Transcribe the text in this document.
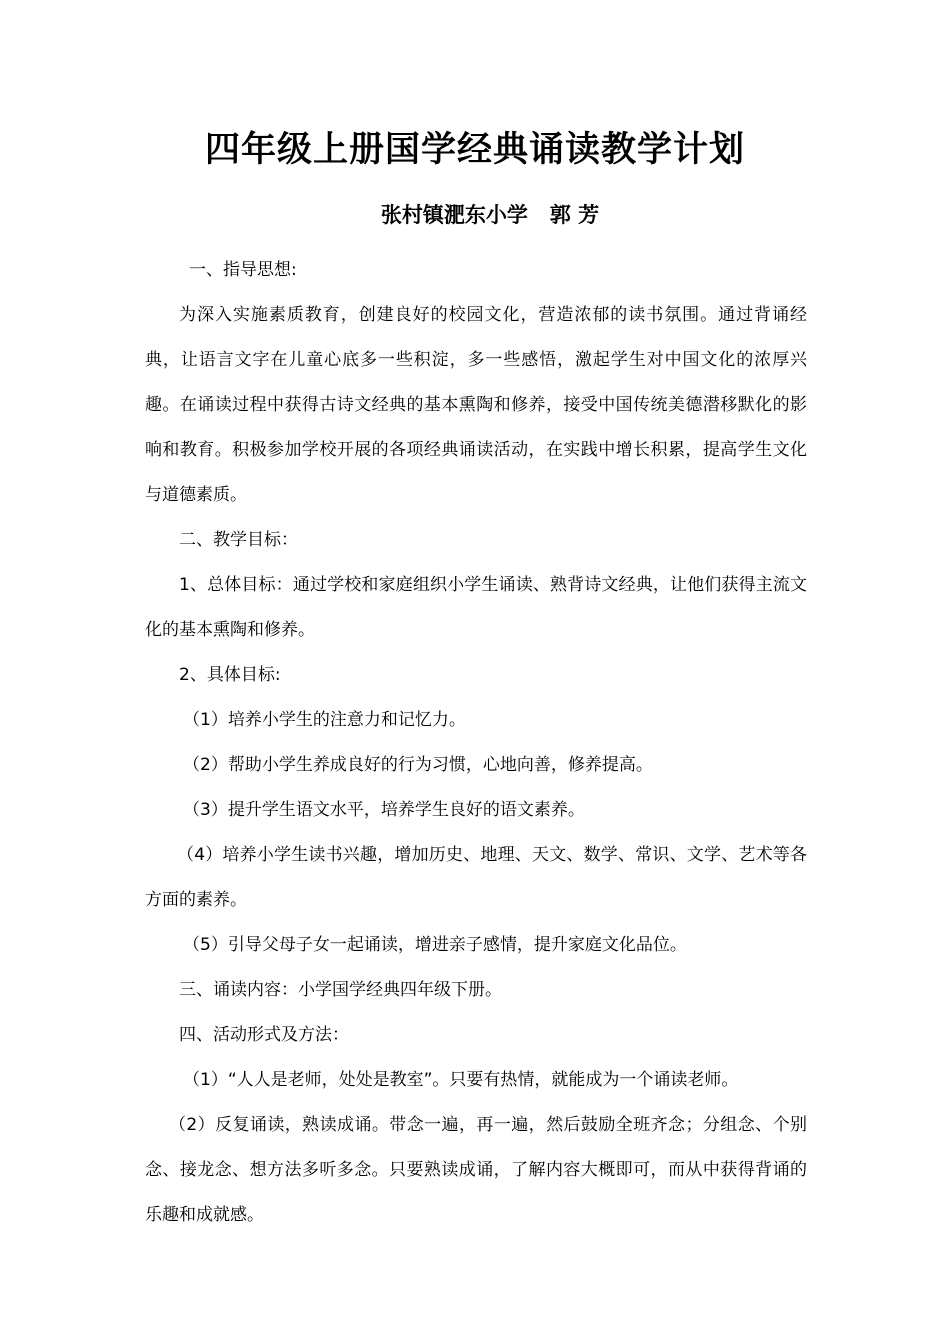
四年级上册国学经典诵读教学计划
张村镇淝东小学   郭 芳

一、指导思想:

为深入实施素质教育，创建良好的校园文化，营造浓郁的读书氛围。通过背诵经典，让语言文字在儿童心底多一些积淀，多一些感悟，激起学生对中国文化的浓厚兴趣。在诵读过程中获得古诗文经典的基本熏陶和修养，接受中国传统美德潜移默化的影响和教育。积极参加学校开展的各项经典诵读活动，在实践中增长积累，提高学生文化与道德素质。

二、教学目标：

1、总体目标：通过学校和家庭组织小学生诵读、熟背诗文经典，让他们获得主流文化的基本熏陶和修养。

2、具体目标:

（1）培养小学生的注意力和记忆力。

（2）帮助小学生养成良好的行为习惯，心地向善，修养提高。

（3）提升学生语文水平，培养学生良好的语文素养。

（4）培养小学生读书兴趣，增加历史、地理、天文、数学、常识、文学、艺术等各方面的素养。

（5）引导父母子女一起诵读，增进亲子感情，提升家庭文化品位。

三、诵读内容：小学国学经典四年级下册。

四、活动形式及方法：

（1）“人人是老师，处处是教室”。只要有热情，就能成为一个诵读老师。

（2）反复诵读，熟读成诵。带念一遍，再一遍，然后鼓励全班齐念；分组念、个别念、接龙念、想方法多听多念。只要熟读成诵，了解内容大概即可，而从中获得背诵的乐趣和成就感。
